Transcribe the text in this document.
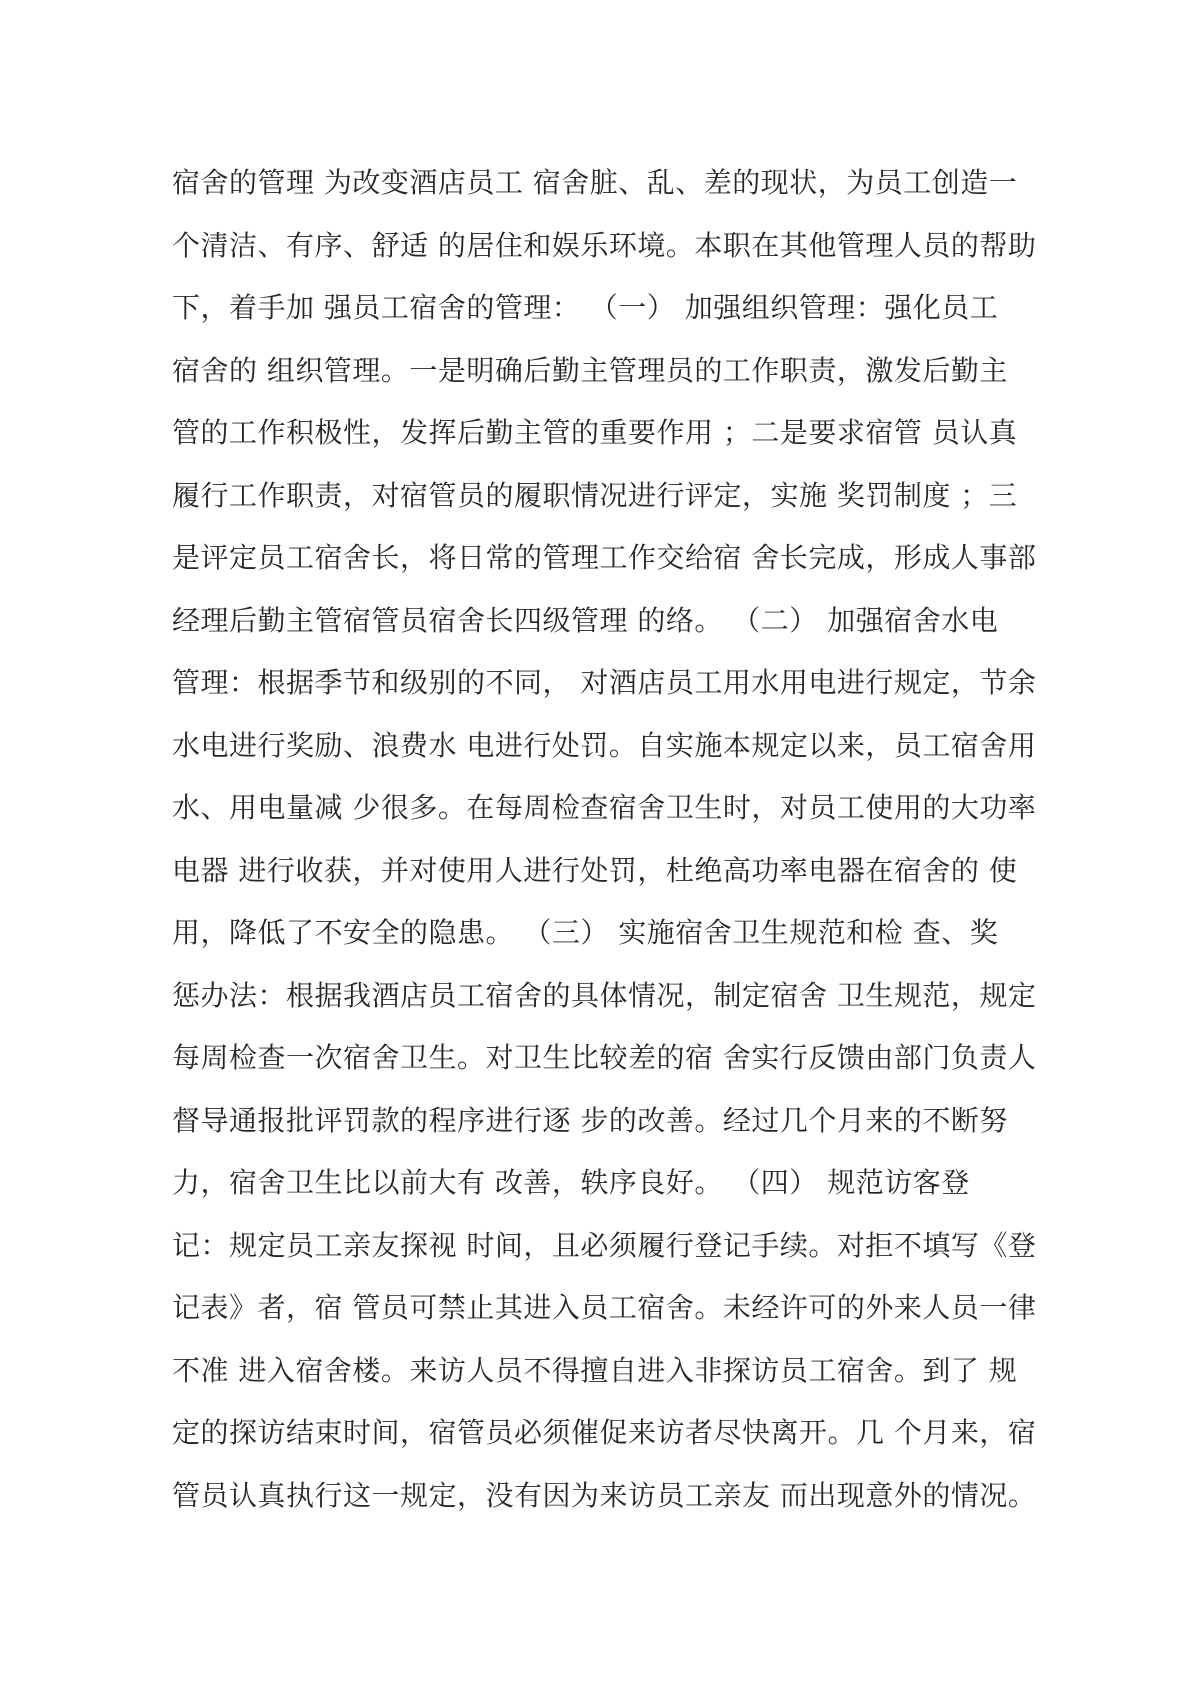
宿舍的管理 为改变酒店员工 宿舍脏、乱、差的现状，为员工创造一
个清洁、有序、舒适 的居住和娱乐环境。本职在其他管理人员的帮助
下，着手加 强员工宿舍的管理： （一） 加强组织管理：强化员工
宿舍的 组织管理。一是明确后勤主管理员的工作职责，激发后勤主
管的工作积极性，发挥后勤主管的重要作用 ；二是要求宿管 员认真
履行工作职责，对宿管员的履职情况进行评定，实施 奖罚制度 ；三
是评定员工宿舍长，将日常的管理工作交给宿 舍长完成，形成人事部
经理后勤主管宿管员宿舍长四级管理 的络。 （二） 加强宿舍水电
管理：根据季节和级别的不同， 对酒店员工用水用电进行规定，节余
水电进行奖励、浪费水 电进行处罚。自实施本规定以来，员工宿舍用
水、用电量减 少很多。在每周检查宿舍卫生时，对员工使用的大功率
电器 进行收获，并对使用人进行处罚，杜绝高功率电器在宿舍的 使
用，降低了不安全的隐患。 （三） 实施宿舍卫生规范和检 查、奖
惩办法：根据我酒店员工宿舍的具体情况，制定宿舍 卫生规范，规定
每周检查一次宿舍卫生。对卫生比较差的宿 舍实行反馈由部门负责人
督导通报批评罚款的程序进行逐 步的改善。经过几个月来的不断努
力，宿舍卫生比以前大有 改善，轶序良好。 （四） 规范访客登
记：规定员工亲友探视 时间，且必须履行登记手续。对拒不填写《登
记表》者，宿 管员可禁止其进入员工宿舍。未经许可的外来人员一律
不准 进入宿舍楼。来访人员不得擅自进入非探访员工宿舍。到了 规
定的探访结束时间，宿管员必须催促来访者尽快离开。几 个月来，宿
管员认真执行这一规定，没有因为来访员工亲友 而出现意外的情况。
